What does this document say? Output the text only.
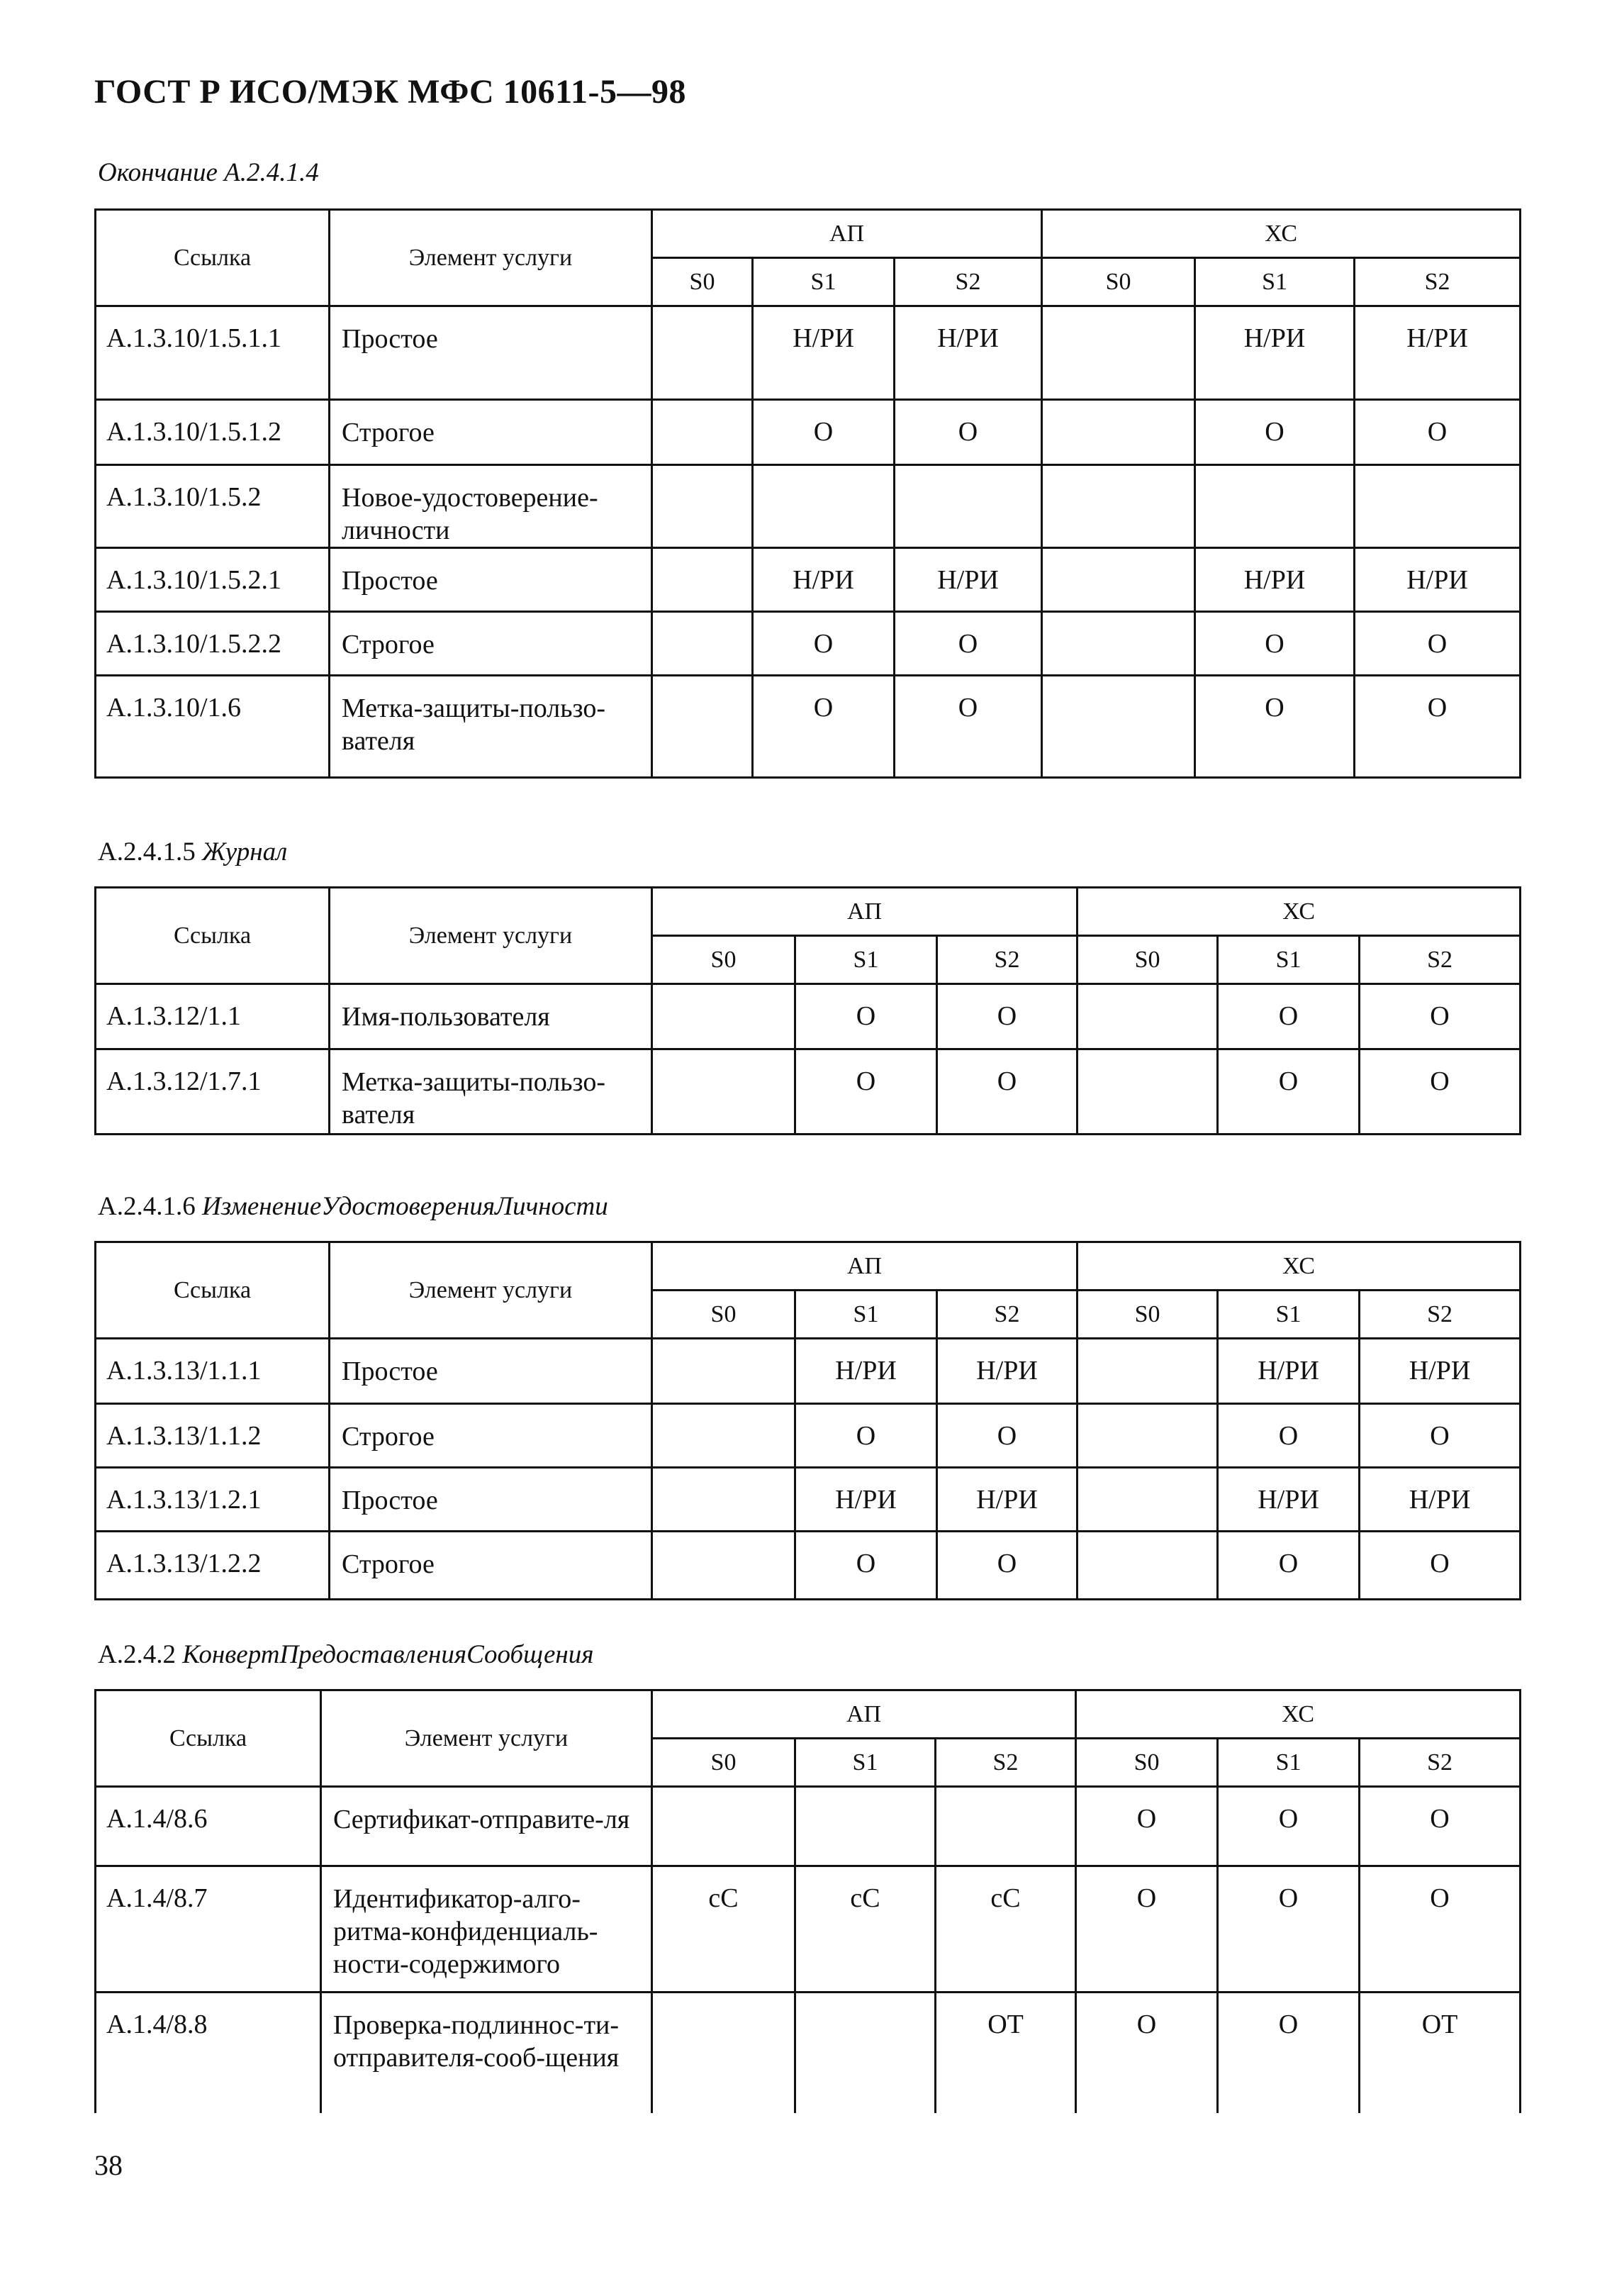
ГОСТ Р ИСО/МЭК МФС 10611-5—98
Окончание А.2.4.1.4
Ссылка	Элемент услуги	АП			ХС		
		S0	S1	S2	S0	S1	S2
А.1.3.10/1.5.1.1	Простое		Н/РИ	Н/РИ		Н/РИ	Н/РИ
А.1.3.10/1.5.1.2	Строгое		О	О		О	О
А.1.3.10/1.5.2	Новое-удостоверение-личности						
А.1.3.10/1.5.2.1	Простое		Н/РИ	Н/РИ		Н/РИ	Н/РИ
А.1.3.10/1.5.2.2	Строгое		О	О		О	О
А.1.3.10/1.6	Метка-защиты-пользо-вателя		О	О		О	О
А.2.4.1.5 Журнал
Ссылка	Элемент услуги	АП			ХС		
		S0	S1	S2	S0	S1	S2
А.1.3.12/1.1	Имя-пользователя		О	О		О	О
А.1.3.12/1.7.1	Метка-защиты-пользо-вателя		О	О		О	О
А.2.4.1.6 ИзменениеУдостоверенияЛичности
Ссылка	Элемент услуги	АП			ХС		
		S0	S1	S2	S0	S1	S2
А.1.3.13/1.1.1	Простое		Н/РИ	Н/РИ		Н/РИ	Н/РИ
А.1.3.13/1.1.2	Строгое		О	О		О	О
А.1.3.13/1.2.1	Простое		Н/РИ	Н/РИ		Н/РИ	Н/РИ
А.1.3.13/1.2.2	Строгое		О	О		О	О
А.2.4.2 КонвертПредоставленияСообщения
Ссылка	Элемент услуги	АП			ХС		
		S0	S1	S2	S0	S1	S2
А.1.4/8.6	Сертификат-отправите-ля				О	О	О
А.1.4/8.7	Идентификатор-алго-ритма-конфиденциаль-ности-содержимого	сС	сС	сС	О	О	О
А.1.4/8.8	Проверка-подлиннос-ти-отправителя-сооб-щения			ОТ	О	О	ОТ
38
